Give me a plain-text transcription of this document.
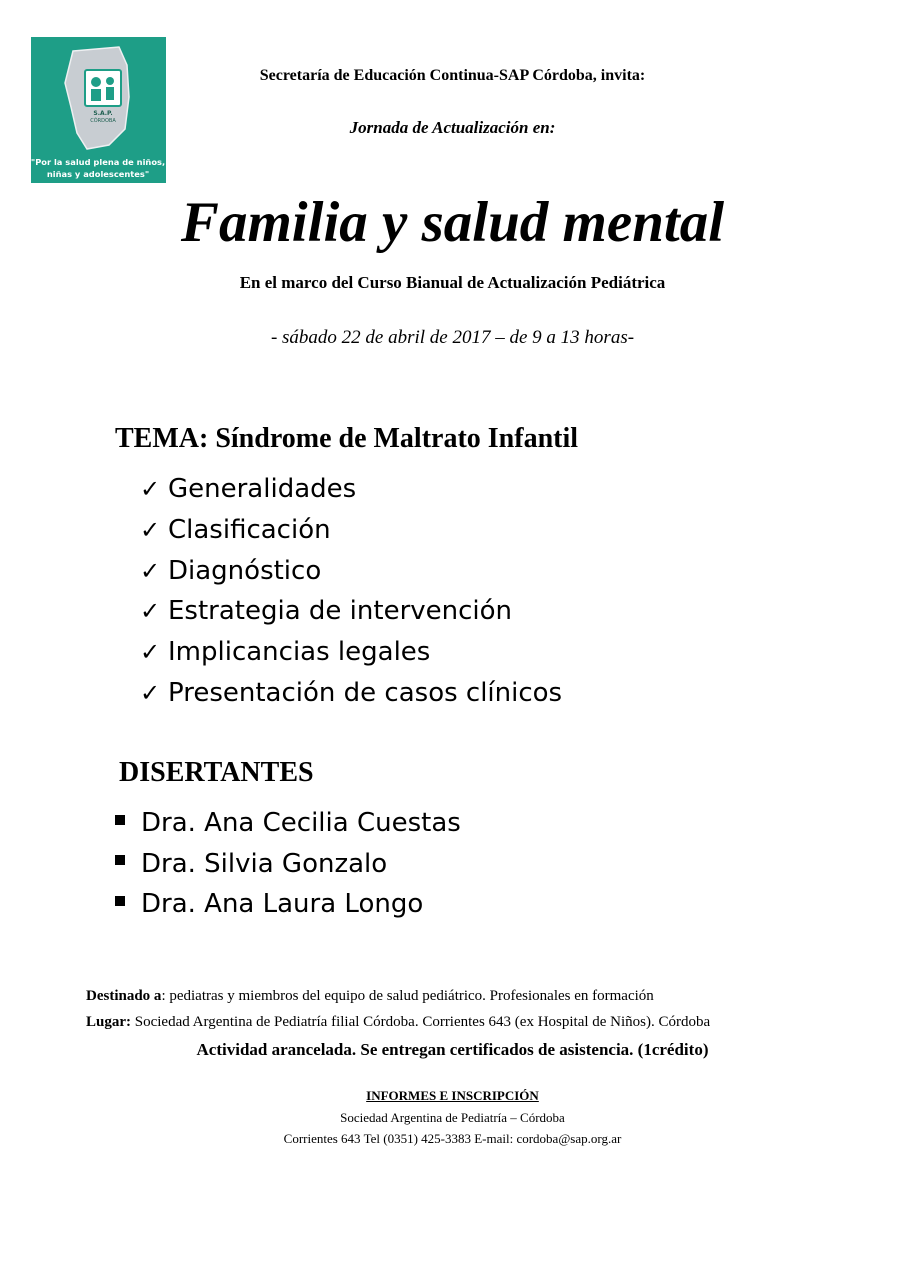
S.A.P.
CÓRDOBA
"Por la salud plena de niños,
niñas y adolescentes"
Secretaría de Educación Continua-SAP Córdoba, invita:
Jornada de Actualización en:
Familia y salud mental
En el marco del Curso Bianual de Actualización Pediátrica
- sábado 22 de abril de 2017 – de 9 a 13 horas-
TEMA: Síndrome de Maltrato Infantil
✓ Generalidades
✓ Clasificación
✓ Diagnóstico
✓ Estrategia de intervención
✓ Implicancias legales
✓ Presentación de casos clínicos
DISERTANTES
Dra. Ana Cecilia Cuestas
Dra. Silvia Gonzalo
Dra. Ana Laura Longo
Destinado a: pediatras y miembros del equipo de salud pediátrico. Profesionales en formación
Lugar: Sociedad Argentina de Pediatría filial Córdoba. Corrientes 643 (ex Hospital de Niños). Córdoba
Actividad arancelada. Se entregan certificados de asistencia. (1crédito)
INFORMES E INSCRIPCIÓN
Sociedad Argentina de Pediatría – Córdoba
Corrientes 643 Tel (0351) 425-3383 E-mail: cordoba@sap.org.ar
